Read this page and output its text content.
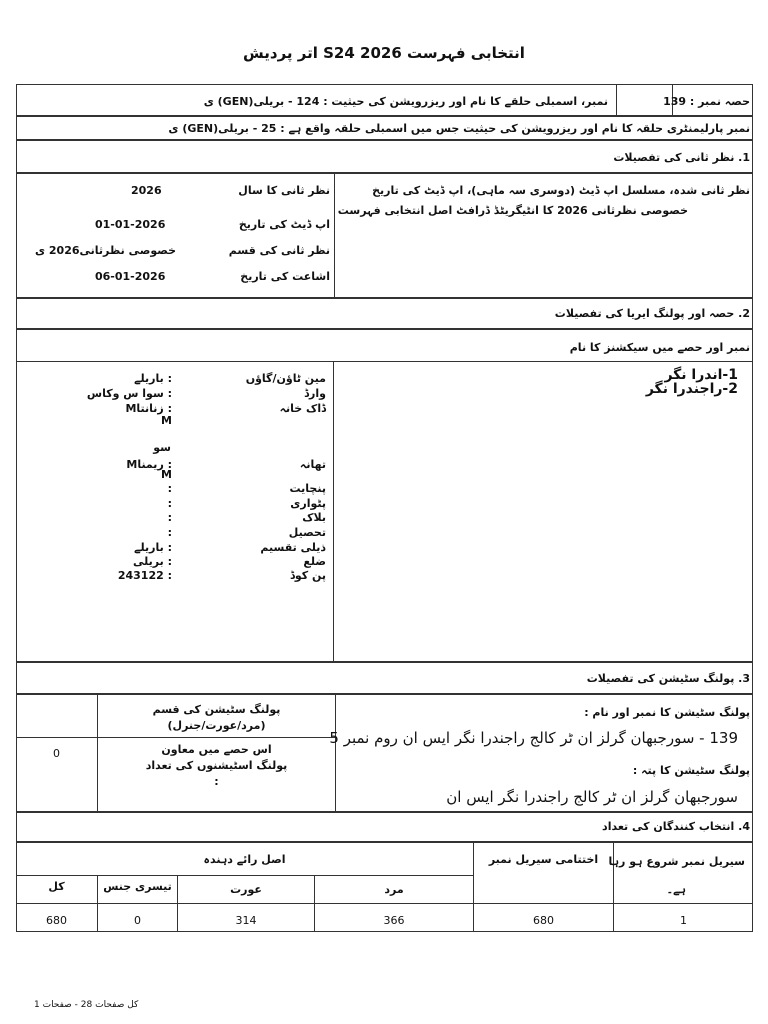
انتخابی فہرست 2026 S24 اتر پردیش
حصہ نمبر : 139
نمبر، اسمبلی حلقے کا نام اور ریزرویشن کی حیثیت : 124 - بریلی(GEN) ی
نمبر پارلیمنٹری حلقہ کا نام اور ریزرویشن کی حیثیت جس میں اسمبلی حلقہ واقع ہے : 25 - بریلی(GEN) ی
1. نظر ثانی کی تفصیلات
نظر ثانی شدہ، مسلسل اپ ڈیٹ (دوسری سہ ماہی)، اپ ڈیٹ کی تاریخ
خصوصی نظرثانی 2026 کا انٹیگریٹڈ ڈرافٹ اصل انتخابی فہرست
نظر ثانی کا سال
2026
اپ ڈیٹ کی تاریخ
01-01-2026
نظر ثانی کی قسم
خصوصی نظرثانی2026 ی
اشاعت کی تاریخ
06-01-2026
2. حصہ اور پولنگ ایریا کی تفصیلات
نمبر اور حصے میں سیکشنز کا نام
1-اندرا نگر
2-راجندرا نگر
مین ٹاؤن/گاؤں
: باریلے
وارڈ
: سوا س وکاس
ڈاک خانہ
: زنانتاM
M
سو
تھانہ
: ریمناM
M
پنچایت
:
پٹواری
:
بلاک
:
تحصیل
:
ذیلی تقسیم
: باریلے
ضلع
: بریلی
پن کوڈ
: 243122
3. پولنگ سٹیشن کی تفصیلات
پولنگ سٹیشن کا نمبر اور نام :
139 - سورجبھان گرلز ان ٹر کالج راجندرا نگر ایس ان روم نمبر 5
پولنگ سٹیشن کا پتہ :
سورجبھان گرلز ان ٹر کالج راجندرا نگر ایس ان
پولنگ سٹیشن کی قسم
(مرد/عورت/جنرل)
اس حصے میں معاون
پولنگ اسٹیشنوں کی تعداد
:
0
4. انتخاب کنندگان کی تعداد
سیریل نمبر شروع ہو رہا
ہے۔
اختتامی سیریل نمبر
اصل رائے دہندہ
مرد
عورت
تیسری جنس
کل
1
680
366
314
0
680
کل صفحات 28 - صفحات 1
